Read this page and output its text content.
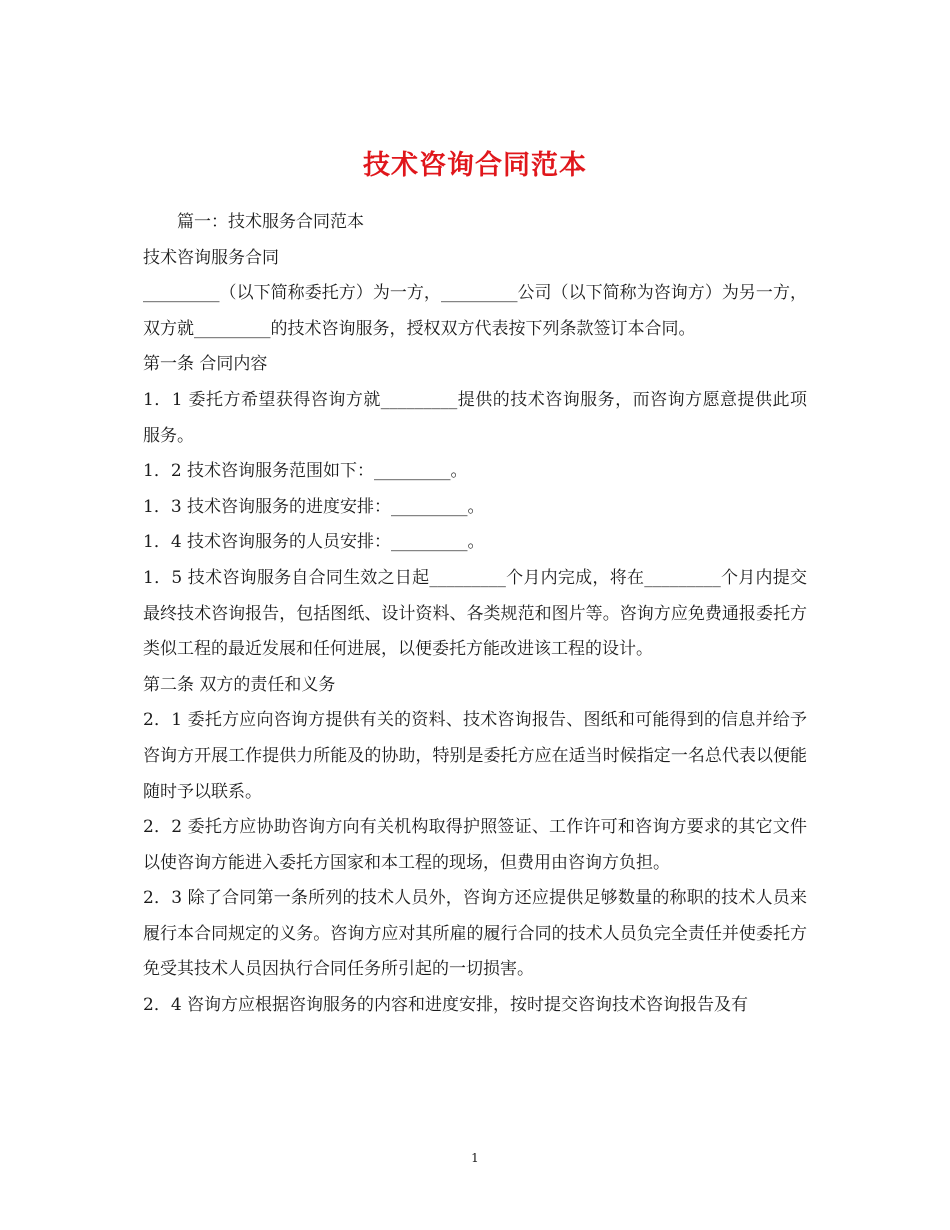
技术咨询合同范本

篇一：技术服务合同范本

技术咨询服务合同

_________（以下简称委托方）为一方，_________公司（以下简称为咨询方）为另一方，双方就_________的技术咨询服务，授权双方代表按下列条款签订本合同。

第一条 合同内容

1．1 委托方希望获得咨询方就_________提供的技术咨询服务，而咨询方愿意提供此项服务。

1．2 技术咨询服务范围如下：_________。

1．3 技术咨询服务的进度安排：_________。

1．4 技术咨询服务的人员安排：_________。

1．5 技术咨询服务自合同生效之日起_________个月内完成，将在_________个月内提交最终技术咨询报告，包括图纸、设计资料、各类规范和图片等。咨询方应免费通报委托方类似工程的最近发展和任何进展，以便委托方能改进该工程的设计。

第二条 双方的责任和义务

2．1 委托方应向咨询方提供有关的资料、技术咨询报告、图纸和可能得到的信息并给予咨询方开展工作提供力所能及的协助，特别是委托方应在适当时候指定一名总代表以便能随时予以联系。

2．2 委托方应协助咨询方向有关机构取得护照签证、工作许可和咨询方要求的其它文件以使咨询方能进入委托方国家和本工程的现场，但费用由咨询方负担。

2．3 除了合同第一条所列的技术人员外，咨询方还应提供足够数量的称职的技术人员来履行本合同规定的义务。咨询方应对其所雇的履行合同的技术人员负完全责任并使委托方免受其技术人员因执行合同任务所引起的一切损害。

2．4 咨询方应根据咨询服务的内容和进度安排，按时提交咨询技术咨询报告及有

1
